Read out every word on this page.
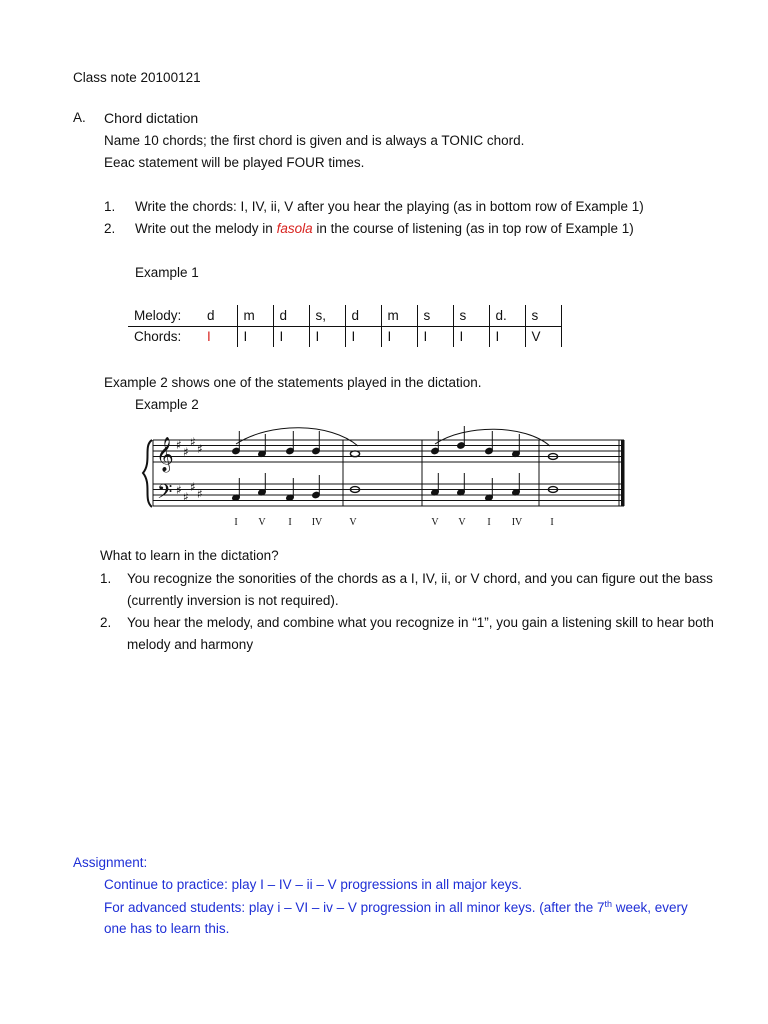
Class note 20100121
A. Chord dictation
Name 10 chords; the first chord is given and is always a TONIC chord.
Eeac statement will be played FOUR times.
1. Write the chords: I, IV, ii, V after you hear the playing (as in bottom row of Example 1)
2. Write out the melody in fasola in the course of listening (as in top row of Example 1)
Example 1
Melody:	d	m	d	s,	d	m	s	s	d.	s
Chords:	I	I	I	I	I	I	I	I	I	V
Example 2 shows one of the statements played in the dictation.
Example 2
𝄞
𝄢
♯ ♯
♯ ♯
♯ ♯
♯ ♯
I V I IV	V	V V I IV	I
What to learn in the dictation?
1. You recognize the sonorities of the chords as a I, IV, ii, or V chord, and you can figure out the bass
(currently inversion is not required).
2. You hear the melody, and combine what you recognize in “1”, you gain a listening skill to hear both
melody and harmony
Assignment:
Continue to practice: play I – IV – ii – V progressions in all major keys.
For advanced students: play i – VI – iv – V progression in all minor keys. (after the 7th week, every
one has to learn this.
